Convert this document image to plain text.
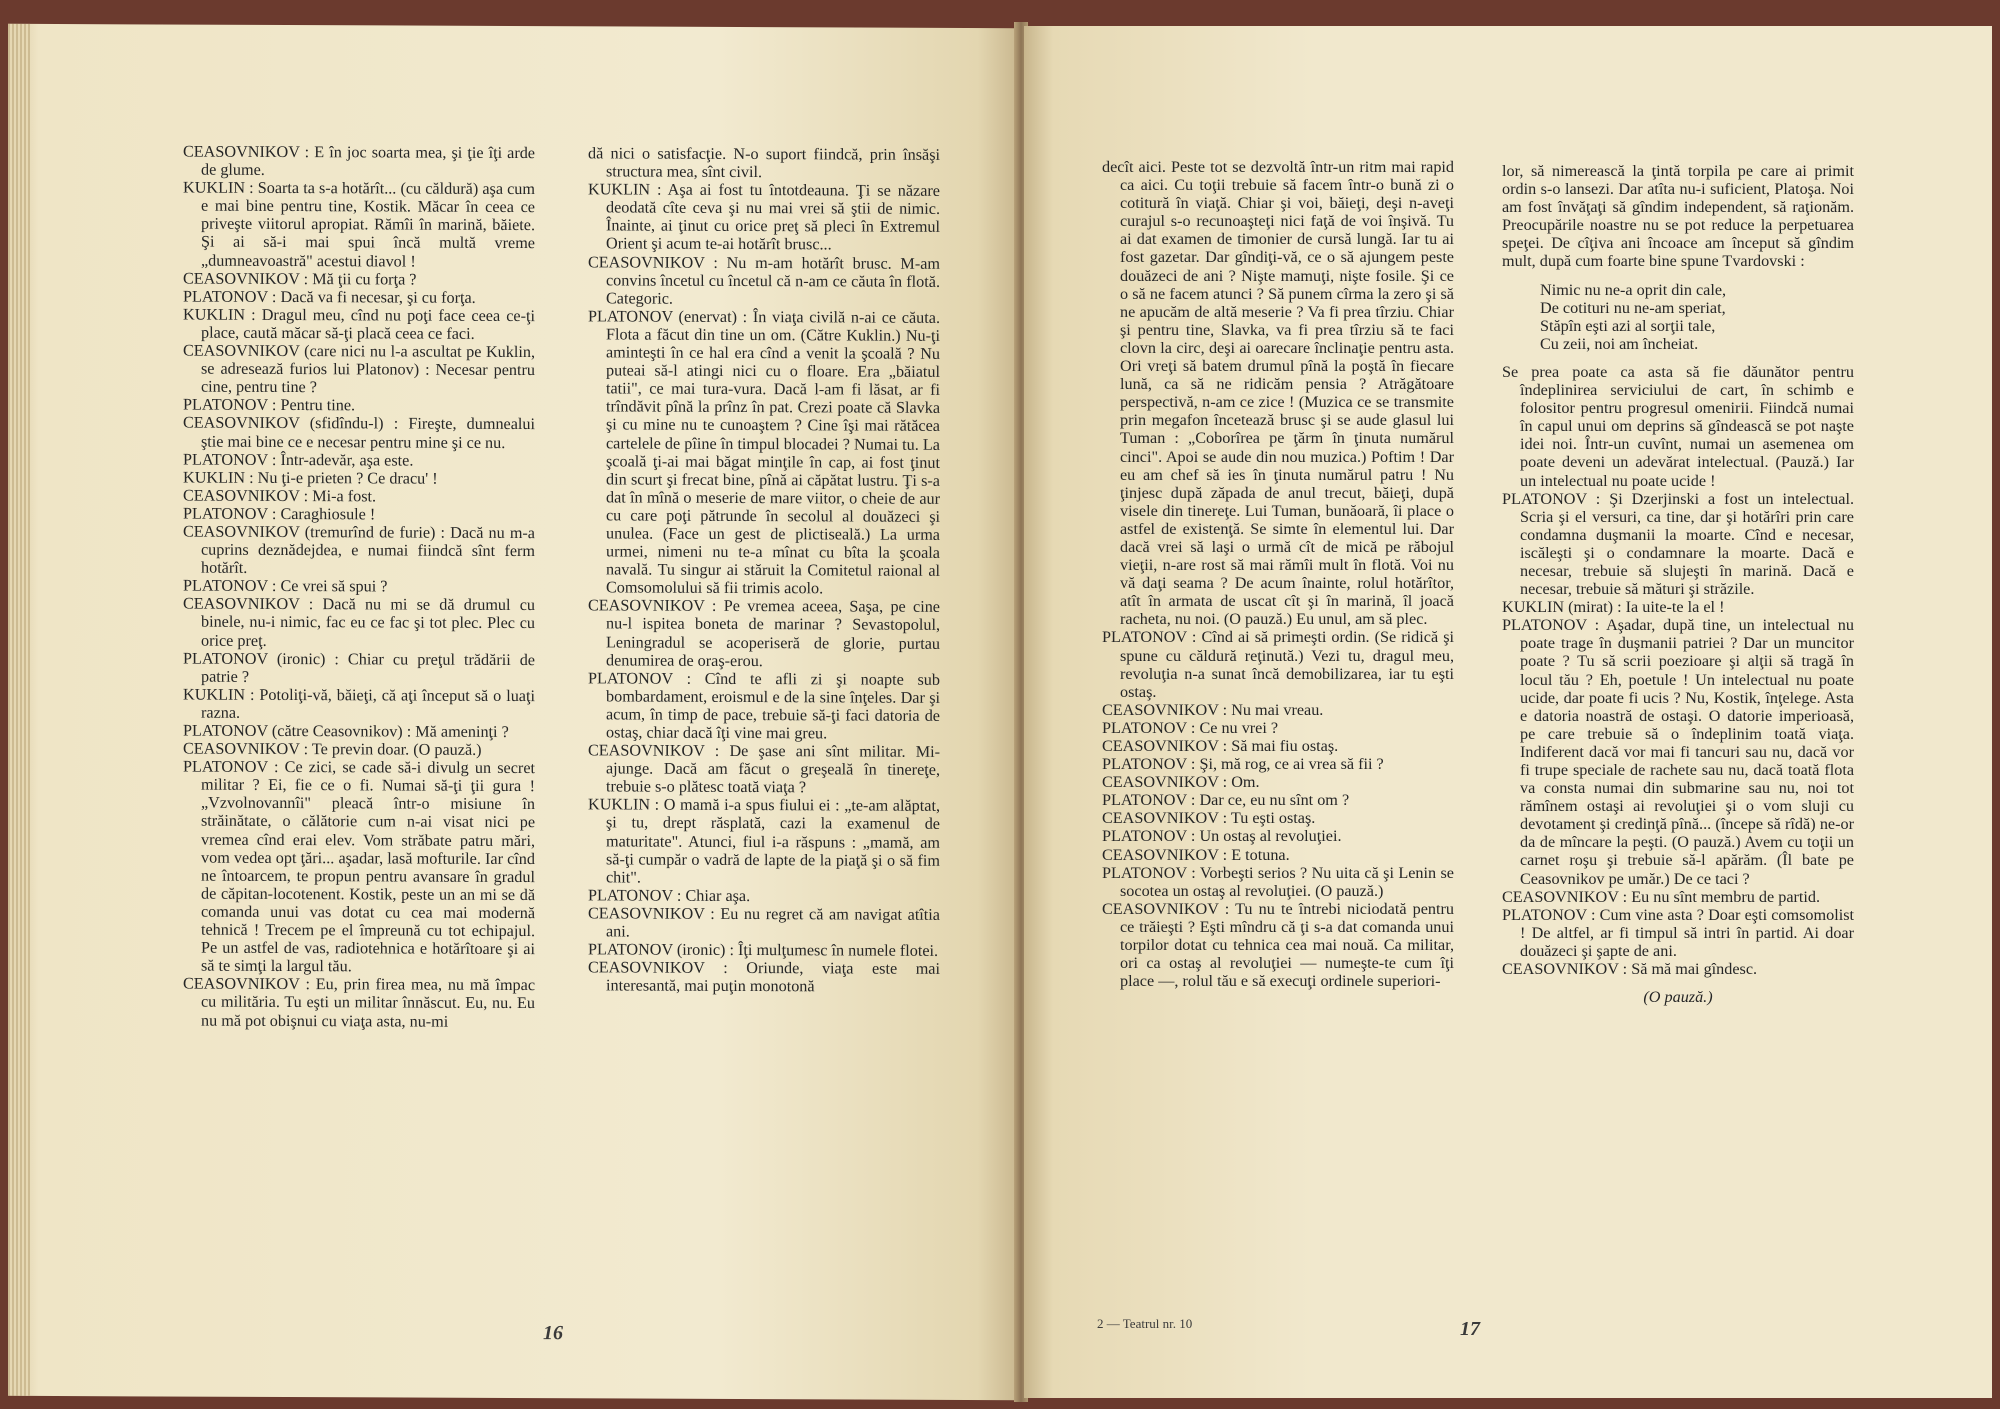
CEASOVNIKOV : E în joc soarta mea, şi ţie îţi arde de glume.

KUKLIN : Soarta ta s-a hotărît... (cu căldură) aşa cum e mai bine pentru tine, Kostik. Măcar în ceea ce priveşte viitorul apropiat. Rămîi în marină, băiete. Şi ai să-i mai spui încă multă vreme „dumneavoastră" acestui diavol !

CEASOVNIKOV : Mă ţii cu forţa ?

PLATONOV : Dacă va fi necesar, şi cu forţa.

KUKLIN : Dragul meu, cînd nu poţi face ceea ce-ţi place, caută măcar să-ţi placă ceea ce faci.

CEASOVNIKOV (care nici nu l-a ascultat pe Kuklin, se adresează furios lui Platonov) : Necesar pentru cine, pentru tine ?

PLATONOV : Pentru tine.

CEASOVNIKOV (sfidîndu-l) : Fireşte, dumnealui ştie mai bine ce e necesar pentru mine şi ce nu.

PLATONOV : Într-adevăr, aşa este.

KUKLIN : Nu ţi-e prieten ? Ce dracu' !

CEASOVNIKOV : Mi-a fost.

PLATONOV : Caraghiosule !

CEASOVNIKOV (tremurînd de furie) : Dacă nu m-a cuprins deznădejdea, e numai fiindcă sînt ferm hotărît.

PLATONOV : Ce vrei să spui ?

CEASOVNIKOV : Dacă nu mi se dă drumul cu binele, nu-i nimic, fac eu ce fac şi tot plec. Plec cu orice preţ.

PLATONOV (ironic) : Chiar cu preţul trădării de patrie ?

KUKLIN : Potoliţi-vă, băieţi, că aţi început să o luaţi razna.

PLATONOV (către Ceasovnikov) : Mă ameninţi ?

CEASOVNIKOV : Te previn doar. (O pauză.)

PLATONOV : Ce zici, se cade să-i divulg un secret militar ? Ei, fie ce o fi. Numai să-ţi ţii gura ! „Vzvolnovannîi" pleacă într-o misiune în străinătate, o călătorie cum n-ai visat nici pe vremea cînd erai elev. Vom străbate patru mări, vom vedea opt ţări... aşadar, lasă mofturile. Iar cînd ne întoarcem, te propun pentru avansare în gradul de căpitan-locotenent. Kostik, peste un an mi se dă comanda unui vas dotat cu cea mai modernă tehnică ! Trecem pe el împreună cu tot echipajul. Pe un astfel de vas, radiotehnica e hotărîtoare şi ai să te simţi la largul tău.

CEASOVNIKOV : Eu, prin firea mea, nu mă împac cu milităria. Tu eşti un militar înnăscut. Eu, nu. Eu nu mă pot obişnui cu viaţa asta, nu-mi

dă nici o satisfacţie. N-o suport fiindcă, prin însăşi structura mea, sînt civil.

KUKLIN : Aşa ai fost tu întotdeauna. Ţi se năzare deodată cîte ceva şi nu mai vrei să ştii de nimic. Înainte, ai ţinut cu orice preţ să pleci în Extremul Orient şi acum te-ai hotărît brusc...

CEASOVNIKOV : Nu m-am hotărît brusc. M-am convins încetul cu încetul că n-am ce căuta în flotă. Categoric.

PLATONOV (enervat) : În viaţa civilă n-ai ce căuta. Flota a făcut din tine un om. (Către Kuklin.) Nu-ţi aminteşti în ce hal era cînd a venit la şcoală ? Nu puteai să-l atingi nici cu o floare. Era „băiatul tatii", ce mai tura-vura. Dacă l-am fi lăsat, ar fi trîndăvit pînă la prînz în pat. Crezi poate că Slavka şi cu mine nu te cunoaştem ? Cine îşi mai rătăcea cartelele de pîine în timpul blocadei ? Numai tu. La şcoală ţi-ai mai băgat minţile în cap, ai fost ţinut din scurt şi frecat bine, pînă ai căpătat lustru. Ţi s-a dat în mînă o meserie de mare viitor, o cheie de aur cu care poţi pătrunde în secolul al douăzeci şi unulea. (Face un gest de plictiseală.) La urma urmei, nimeni nu te-a mînat cu bîta la şcoala navală. Tu singur ai stăruit la Comitetul raional al Comsomolului să fii trimis acolo.

CEASOVNIKOV : Pe vremea aceea, Saşa, pe cine nu-l ispitea boneta de marinar ? Sevastopolul, Leningradul se acoperiseră de glorie, purtau denumirea de oraş-erou.

PLATONOV : Cînd te afli zi şi noapte sub bombardament, eroismul e de la sine înţeles. Dar şi acum, în timp de pace, trebuie să-ţi faci datoria de ostaş, chiar dacă îţi vine mai greu.

CEASOVNIKOV : De şase ani sînt militar. Mi-ajunge. Dacă am făcut o greşeală în tinereţe, trebuie s-o plătesc toată viaţa ?

KUKLIN : O mamă i-a spus fiului ei : „te-am alăptat, şi tu, drept răsplată, cazi la examenul de maturitate". Atunci, fiul i-a răspuns : „mamă, am să-ţi cumpăr o vadră de lapte de la piaţă şi o să fim chit".

PLATONOV : Chiar aşa.

CEASOVNIKOV : Eu nu regret că am navigat atîtia ani.

PLATONOV (ironic) : Îţi mulţumesc în numele flotei.

CEASOVNIKOV : Oriunde, viaţa este mai interesantă, mai puţin monotonă

16

decît aici. Peste tot se dezvoltă într-un ritm mai rapid ca aici. Cu toţii trebuie să facem într-o bună zi o cotitură în viaţă. Chiar şi voi, băieţi, deşi n-aveţi curajul s-o recunoaşteţi nici faţă de voi înşivă. Tu ai dat examen de timonier de cursă lungă. Iar tu ai fost gazetar. Dar gîndiţi-vă, ce o să ajungem peste douăzeci de ani ? Nişte mamuţi, nişte fosile. Şi ce o să ne facem atunci ? Să punem cîrma la zero şi să ne apucăm de altă meserie ? Va fi prea tîrziu. Chiar şi pentru tine, Slavka, va fi prea tîrziu să te faci clovn la circ, deşi ai oarecare înclinaţie pentru asta. Ori vreţi să batem drumul pînă la poştă în fiecare lună, ca să ne ridicăm pensia ? Atrăgătoare perspectivă, n-am ce zice ! (Muzica ce se transmite prin megafon încetează brusc şi se aude glasul lui Tuman : „Coborîrea pe ţărm în ţinuta numărul cinci". Apoi se aude din nou muzica.) Poftim ! Dar eu am chef să ies în ţinuta numărul patru ! Nu ţinjesc după zăpada de anul trecut, băieţi, după visele din tinereţe. Lui Tuman, bunăoară, îi place o astfel de existenţă. Se simte în elementul lui. Dar dacă vrei să laşi o urmă cît de mică pe răbojul vieţii, n-are rost să mai rămîi mult în flotă. Voi nu vă daţi seama ? De acum înainte, rolul hotărîtor, atît în armata de uscat cît şi în marină, îl joacă racheta, nu noi. (O pauză.) Eu unul, am să plec.

PLATONOV : Cînd ai să primeşti ordin. (Se ridică şi spune cu căldură reţinută.) Vezi tu, dragul meu, revoluţia n-a sunat încă demobilizarea, iar tu eşti ostaş.

CEASOVNIKOV : Nu mai vreau.

PLATONOV : Ce nu vrei ?

CEASOVNIKOV : Să mai fiu ostaş.

PLATONOV : Şi, mă rog, ce ai vrea să fii ?

CEASOVNIKOV : Om.

PLATONOV : Dar ce, eu nu sînt om ?

CEASOVNIKOV : Tu eşti ostaş.

PLATONOV : Un ostaş al revoluţiei.

CEASOVNIKOV : E totuna.

PLATONOV : Vorbeşti serios ? Nu uita că şi Lenin se socotea un ostaş al revoluţiei. (O pauză.)

CEASOVNIKOV : Tu nu te întrebi niciodată pentru ce trăieşti ? Eşti mîndru că ţi s-a dat comanda unui torpilor dotat cu tehnica cea mai nouă. Ca militar, ori ca ostaş al revoluţiei — numeşte-te cum îţi place —, rolul tău e să execuţi ordinele superiori-

lor, să nimerească la ţintă torpila pe care ai primit ordin s-o lansezi. Dar atîta nu-i suficient, Platoşa. Noi am fost învăţaţi să gîndim independent, să raţionăm. Preocupările noastre nu se pot reduce la perpetuarea speţei. De cîţiva ani încoace am început să gîndim mult, după cum foarte bine spune Tvardovski :

Nimic nu ne-a oprit din cale,

De cotituri nu ne-am sperіat,

Stăpîn eşti azi al sorţii tale,

Cu zeii, noi am încheiat.

Se prea poate ca asta să fie dăunător pentru îndeplinirea serviciului de cart, în schimb e folositor pentru progresul omenirii. Fiindcă numai în capul unui om deprins să gîndească se pot naşte idei noi. Într-un cuvînt, numai un asemenea om poate deveni un adevărat intelectual. (Pauză.) Iar un intelectual nu poate ucide !

PLATONOV : Şi Dzerjinski a fost un intelectual. Scria şi el versuri, ca tine, dar şi hotărîri prin care condamna duşmanii la moarte. Cînd e necesar, iscăleşti şi o condamnare la moarte. Dacă e necesar, trebuie să slujeşti în marină. Dacă e necesar, trebuie să mături şi străzile.

KUKLIN (mirat) : Ia uite-te la el !

PLATONOV : Aşadar, după tine, un intelectual nu poate trage în duşmanii patriei ? Dar un muncitor poate ? Tu să scrii poezioare şi alţii să tragă în locul tău ? Eh, poetule ! Un intelectual nu poate ucide, dar poate fi ucis ? Nu, Kostik, înţelege. Asta e datoria noastră de ostaşi. O datorie imperioasă, pe care trebuie să o îndeplinim toată viaţa. Indiferent dacă vor mai fi tancuri sau nu, dacă vor fi trupe speciale de rachete sau nu, dacă toată flota va consta numai din submarine sau nu, noi tot rămînem ostaşi ai revoluţiei şi o vom sluji cu devotament şi credinţă pînă... (începe să rîdă) ne-or da de mîncare la peşti. (O pauză.) Avem cu toţii un carnet roşu şi trebuie să-l apărăm. (Îl bate pe Ceasovnikov pe umăr.) De ce taci ?

CEASOVNIKOV : Eu nu sînt membru de partid.

PLATONOV : Cum vine asta ? Doar eşti comsomolist ! De altfel, ar fi timpul să intri în partid. Ai doar douăzeci şi şapte de ani.

CEASOVNIKOV : Să mă mai gîndesc.

(O pauză.)

2 — Teatrul nr. 10	17
